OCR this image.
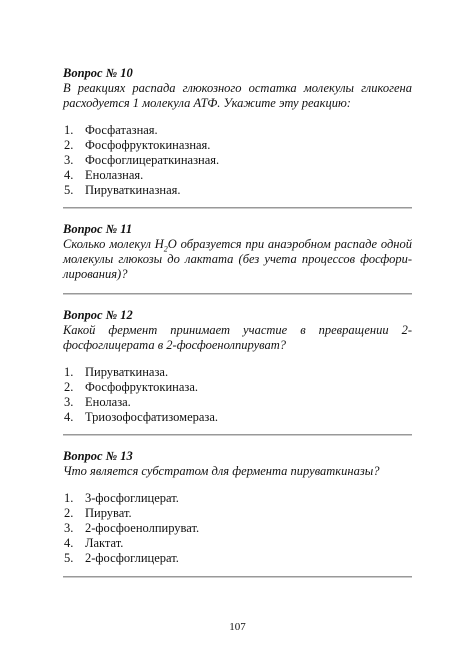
Вопрос № 10

В реакциях распада глюкозного остатка молекулы гликогена

расходуется 1 молекула АТФ. Укажите эту реакцию:

1. Фосфатазная.
2. Фосфофруктокиназная.
3. Фосфоглицераткиназная.
4. Енолазная.
5. Пируваткиназная.

Вопрос № 11

Сколько молекул $H_2O$ образуется при анаэробном распаде одной

молекулы глюкозы до лактата (без учета процессов фосфори-

лирования)?

Вопрос № 12

Какой фермент принимает участие в превращении 2-

фосфоглицерата в 2-фосфоенолпируват?

1. Пируваткиназа.
2. Фосфофруктокиназа.
3. Енолаза.
4. Триозофосфатизомераза.

Вопрос № 13

Что является субстратом для фермента пируваткиназы?

1. 3-фосфоглицерат.
2. Пируват.
3. 2-фосфоенолпируват.
4. Лактат.
5. 2-фосфоглицерат.
107
